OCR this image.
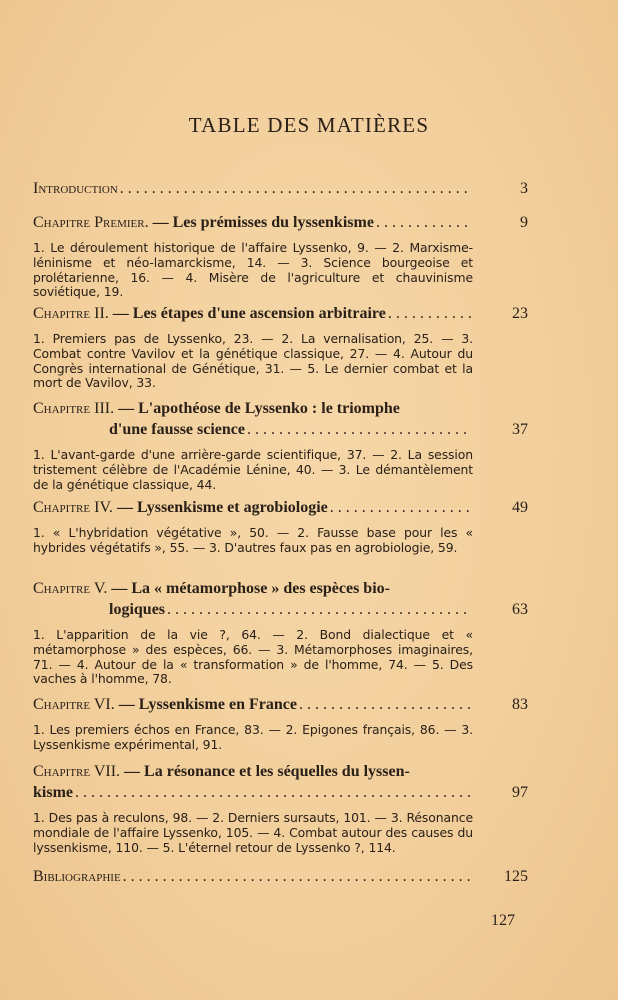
TABLE DES MATIÈRES
Introduction . . .	3
Chapitre Premier. — Les prémisses du lyssenkisme . . .	9

1. Le déroulement historique de l'affaire Lyssenko, 9. — 2. Marxisme-léninisme et néo-lamarckisme, 14. — 3. Science bourgeoise et prolétarienne, 16. — 4. Misère de l'agriculture et chauvinisme soviétique, 19.

Chapitre II. — Les étapes d'une ascension arbitraire . . .	23

1. Premiers pas de Lyssenko, 23. — 2. La vernalisation, 25. — 3. Combat contre Vavilov et la génétique classique, 27. — 4. Autour du Congrès international de Génétique, 31. — 5. Le dernier combat et la mort de Vavilov, 33.

Chapitre III. — L'apothéose de Lyssenko : le triomphe
d'une fausse science . . .	37

1. L'avant-garde d'une arrière-garde scientifique, 37. — 2. La session tristement célèbre de l'Académie Lénine, 40. — 3. Le démantèlement de la génétique classique, 44.

Chapitre IV. — Lyssenkisme et agrobiologie . . .	49

1. « L'hybridation végétative », 50. — 2. Fausse base pour les « hybrides végétatifs », 55. — 3. D'autres faux pas en agrobiologie, 59.

Chapitre V. — La « métamorphose » des espèces bio-
logiques . . .	63

1. L'apparition de la vie ?, 64. — 2. Bond dialectique et « métamorphose » des espèces, 66. — 3. Métamorphoses imaginaires, 71. — 4. Autour de la « transformation » de l'homme, 74. — 5. Des vaches à l'homme, 78.

Chapitre VI. — Lyssenkisme en France . . .	83

1. Les premiers échos en France, 83. — 2. Epigones français, 86. — 3. Lyssenkisme expérimental, 91.

Chapitre VII. — La résonance et les séquelles du lyssen-
kisme . . .	97

1. Des pas à reculons, 98. — 2. Derniers sursauts, 101. — 3. Résonance mondiale de l'affaire Lyssenko, 105. — 4. Combat autour des causes du lyssenkisme, 110. — 5. L'éternel retour de Lyssenko ?, 114.

Bibliographie . . .	125
127
